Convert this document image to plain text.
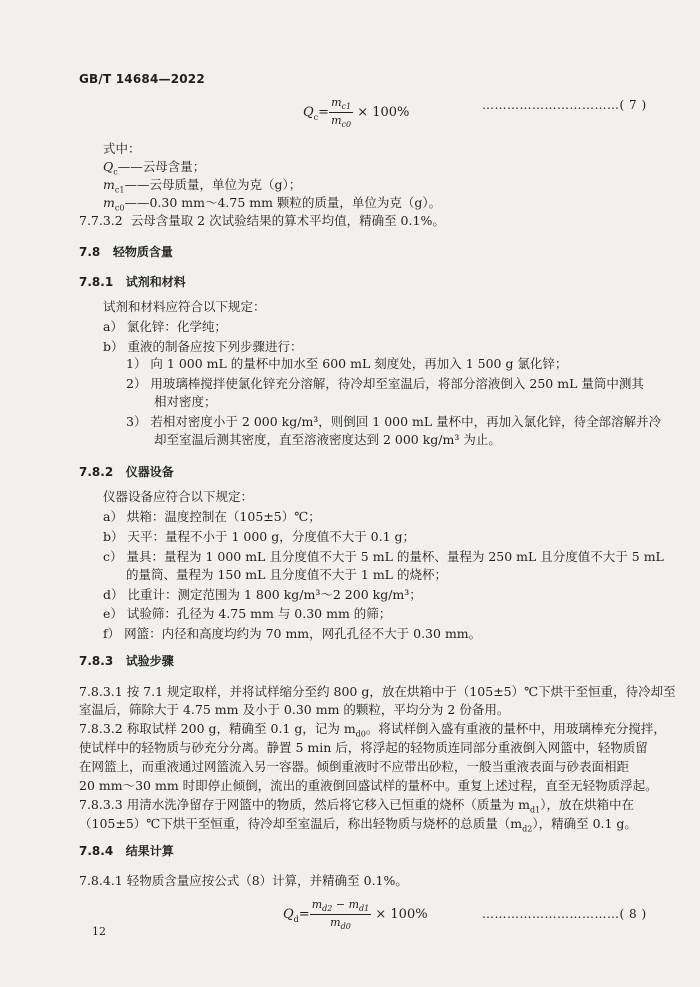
GB/T 14684—2022
$Q_c= \frac{m_{c1}}{m_{c0}} \times 100\%$
……………………………( 7 )
式中：
$Q_c——$云母含量；
$m_{c1}——$云母质量，单位为克（g）；
$m_{c0}——0.30$ mm～4.75 mm 颗粒的质量，单位为克（g）。
7.7.3.2 云母含量取 2 次试验结果的算术平均值，精确至 0.1%。
7.8 轻物质含量
7.8.1 试剂和材料
试剂和材料应符合以下规定：
a） 氯化锌：化学纯；
b） 重液的制备应按下列步骤进行：
1） 向 1 000 mL 的量杯中加水至 600 mL 刻度处，再加入 1 500 g 氯化锌；
2） 用玻璃棒搅拌使氯化锌充分溶解，待冷却至室温后，将部分溶液倒入 250 mL 量筒中测其
相对密度；
3） 若相对密度小于 2 000 kg/m³，则倒回 1 000 mL 量杯中，再加入氯化锌，待全部溶解并冷
却至室温后测其密度，直至溶液密度达到 2 000 kg/m³ 为止。
7.8.2 仪器设备
仪器设备应符合以下规定：
a） 烘箱：温度控制在（105±5）℃；
b） 天平：量程不小于 1 000 g，分度值不大于 0.1 g；
c） 量具：量程为 1 000 mL 且分度值不大于 5 mL 的量杯、量程为 250 mL 且分度值不大于 5 mL
的量筒、量程为 150 mL 且分度值不大于 1 mL 的烧杯；
d） 比重计：测定范围为 1 800 kg/m³～2 200 kg/m³；
e） 试验筛：孔径为 4.75 mm 与 0.30 mm 的筛；
f） 网篮：内径和高度均约为 70 mm，网孔孔径不大于 0.30 mm。
7.8.3 试验步骤
7.8.3.1 按 7.1 规定取样，并将试样缩分至约 800 g，放在烘箱中于（105±5）℃下烘干至恒重，待冷却至
室温后，筛除大于 4.75 mm 及小于 0.30 mm 的颗粒，平均分为 2 份备用。
7.8.3.2 称取试样 200 g，精确至 0.1 g，记为 $m_{d0}$。将试样倒入盛有重液的量杯中，用玻璃棒充分搅拌，
使试样中的轻物质与砂充分分离。静置 5 min 后，将浮起的轻物质连同部分重液倒入网篮中，轻物质留
在网篮上，而重液通过网篮流入另一容器。倾倒重液时不应带出砂粒，一般当重液表面与砂表面相距
20 mm～30 mm 时即停止倾倒，流出的重液倒回盛试样的量杯中。重复上述过程，直至无轻物质浮起。
7.8.3.3 用清水洗净留存于网篮中的物质，然后将它移入已恒重的烧杯（质量为 $m_{d1}$），放在烘箱中在
（105±5）℃下烘干至恒重，待冷却至室温后，称出轻物质与烧杯的总质量$(m_{d2})$，精确至 0.1 g。
7.8.4 结果计算
7.8.4.1 轻物质含量应按公式（8）计算，并精确至 0.1%。
$Q_d= \frac{m_{d2} - m_{d1}}{m_{d0}} \times 100\%$	……………………………( 8 )
12
